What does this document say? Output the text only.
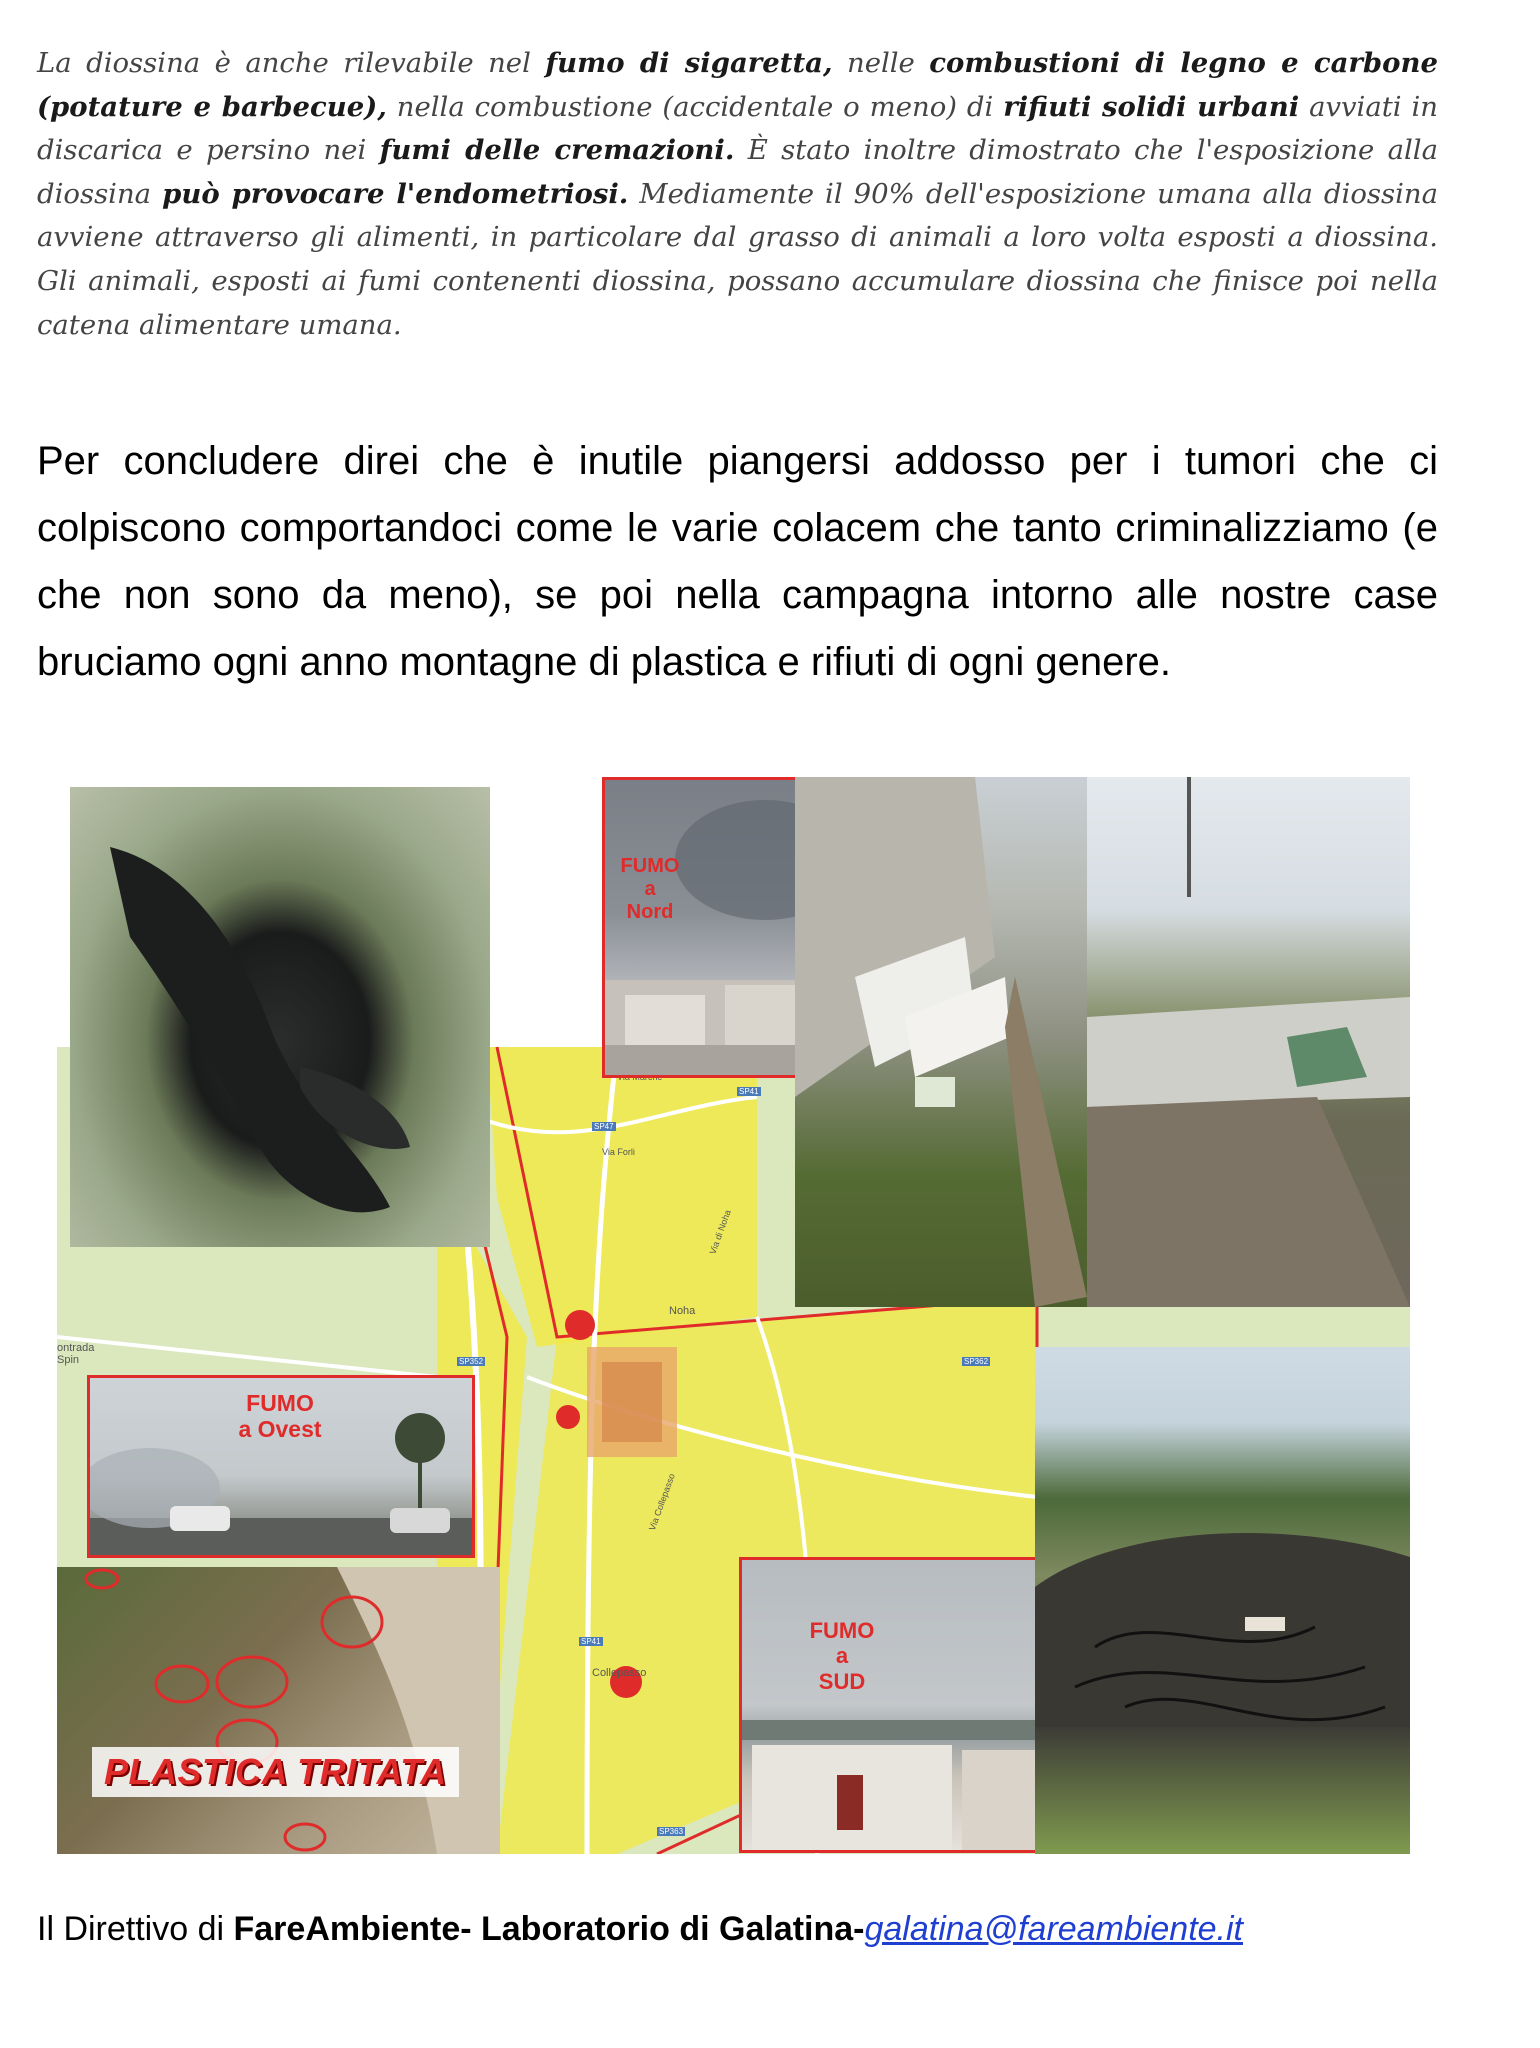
La diossina è anche rilevabile nel fumo di sigaretta, nelle combustioni di legno e carbone (potature e barbecue), nella combustione (accidentale o meno) di rifiuti solidi urbani avviati in discarica e persino nei fumi delle cremazioni. È stato inoltre dimostrato che l'esposizione alla diossina può provocare l'endometriosi. Mediamente il 90% dell'esposizione umana alla diossina avviene attraverso gli alimenti, in particolare dal grasso di animali a loro volta esposti a diossina. Gli animali, esposti ai fumi contenenti diossina, possano accumulare diossina che finisce poi nella catena alimentare umana.
Per concludere direi che è inutile piangersi addosso per i tumori che ci colpiscono comportandoci come le varie colacem che tanto criminalizziamo (e che non sono da meno), se poi nella campagna intorno alle nostre case bruciamo ogni anno montagne di plastica e rifiuti di ogni genere.
Noha
Collepasso
ontrada
Spin
Via Forli
Via di Noha
Via Collepasso
SP41
SP47
SP362
SP352
SP41
SP363
FUMO
a
Nord
FUMO
a Ovest
PLASTICA TRITATA
FUMO
a
SUD
Il Direttivo di FareAmbiente- Laboratorio di Galatina-galatina@fareambiente.it
